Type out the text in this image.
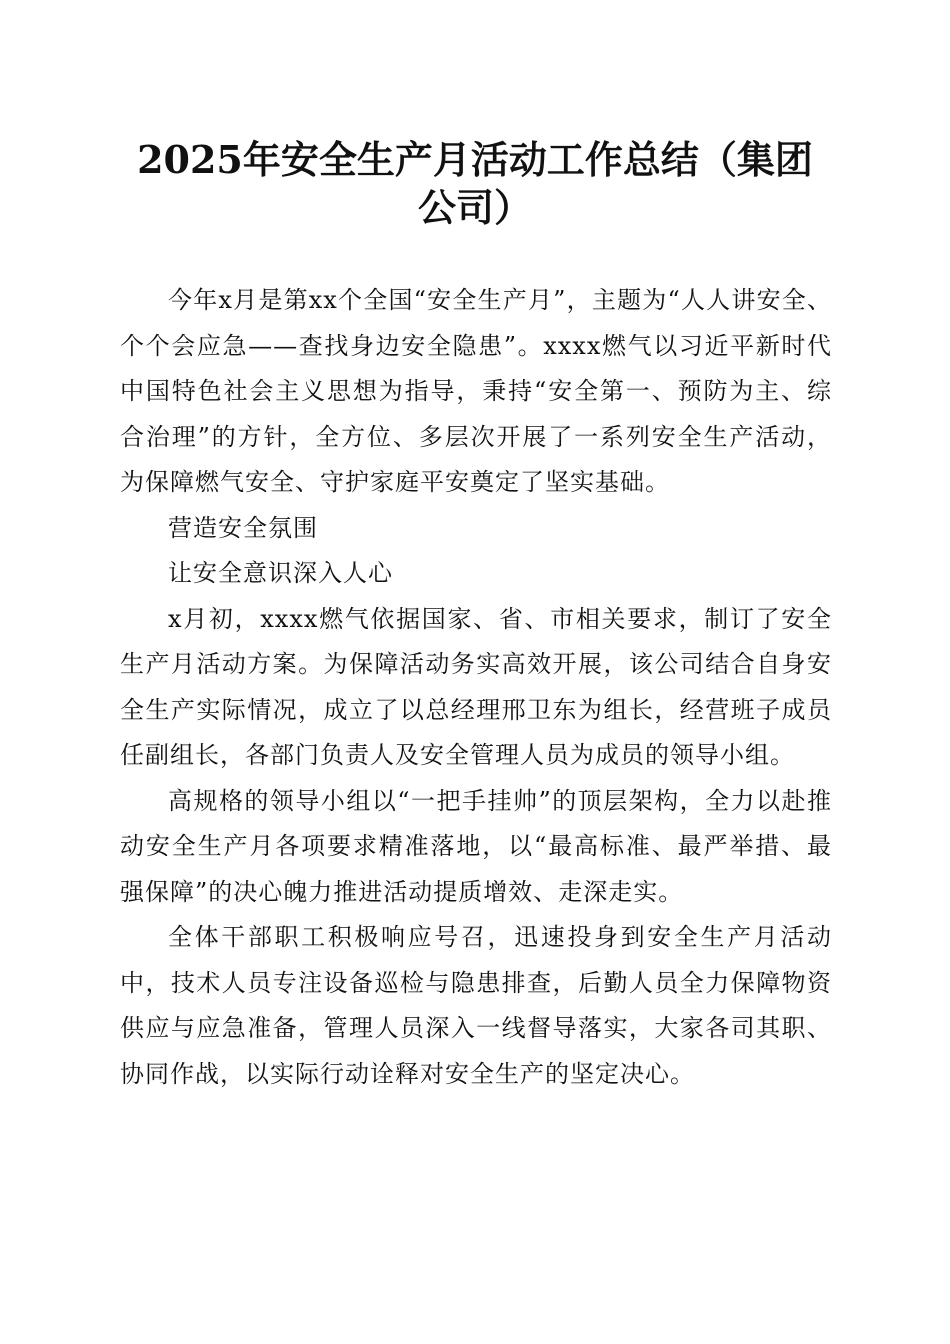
2025年安全生产月活动工作总结（集团公司）

今年x月是第xx个全国“安全生产月”，主题为“人人讲安全、个个会应急——查找身边安全隐患”。xxxx燃气以习近平新时代中国特色社会主义思想为指导，秉持“安全第一、预防为主、综合治理”的方针，全方位、多层次开展了一系列安全生产活动，为保障燃气安全、守护家庭平安奠定了坚实基础。

营造安全氛围

让安全意识深入人心

x月初，xxxx燃气依据国家、省、市相关要求，制订了安全生产月活动方案。为保障活动务实高效开展，该公司结合自身安全生产实际情况，成立了以总经理邢卫东为组长，经营班子成员任副组长，各部门负责人及安全管理人员为成员的领导小组。

高规格的领导小组以“一把手挂帅”的顶层架构，全力以赴推动安全生产月各项要求精准落地，以“最高标准、最严举措、最强保障”的决心魄力推进活动提质增效、走深走实。

全体干部职工积极响应号召，迅速投身到安全生产月活动中，技术人员专注设备巡检与隐患排查，后勤人员全力保障物资供应与应急准备，管理人员深入一线督导落实，大家各司其职、协同作战，以实际行动诠释对安全生产的坚定决心。
